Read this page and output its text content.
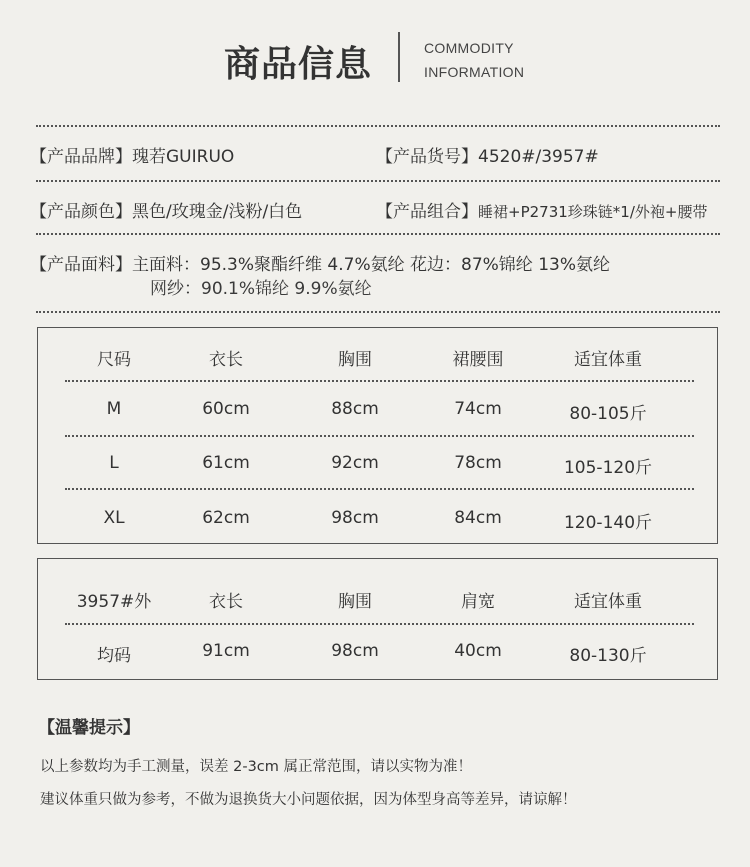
商品信息	COMMODITY
INFORMATION
【产品品牌】瑰若GUIRUO	【产品货号】4520#/3957#
【产品颜色】黑色/玫瑰金/浅粉/白色	【产品组合】睡裙+P2731珍珠链*1/外袍+腰带
【产品面料】主面料：95.3%聚酯纤维 4.7%氨纶 花边：87%锦纶 13%氨纶
网纱：90.1%锦纶 9.9%氨纶
尺码	衣长	胸围	裙腰围	适宜体重
M	60cm	88cm	74cm	80-105斤
L	61cm	92cm	78cm	105-120斤
XL	62cm	98cm	84cm	120-140斤
3957#外	衣长	胸围	肩宽	适宜体重
均码	91cm	98cm	40cm	80-130斤
【温馨提示】
以上参数均为手工测量，误差 2-3cm 属正常范围，请以实物为准！
建议体重只做为参考，不做为退换货大小问题依据，因为体型身高等差异，请谅解！
